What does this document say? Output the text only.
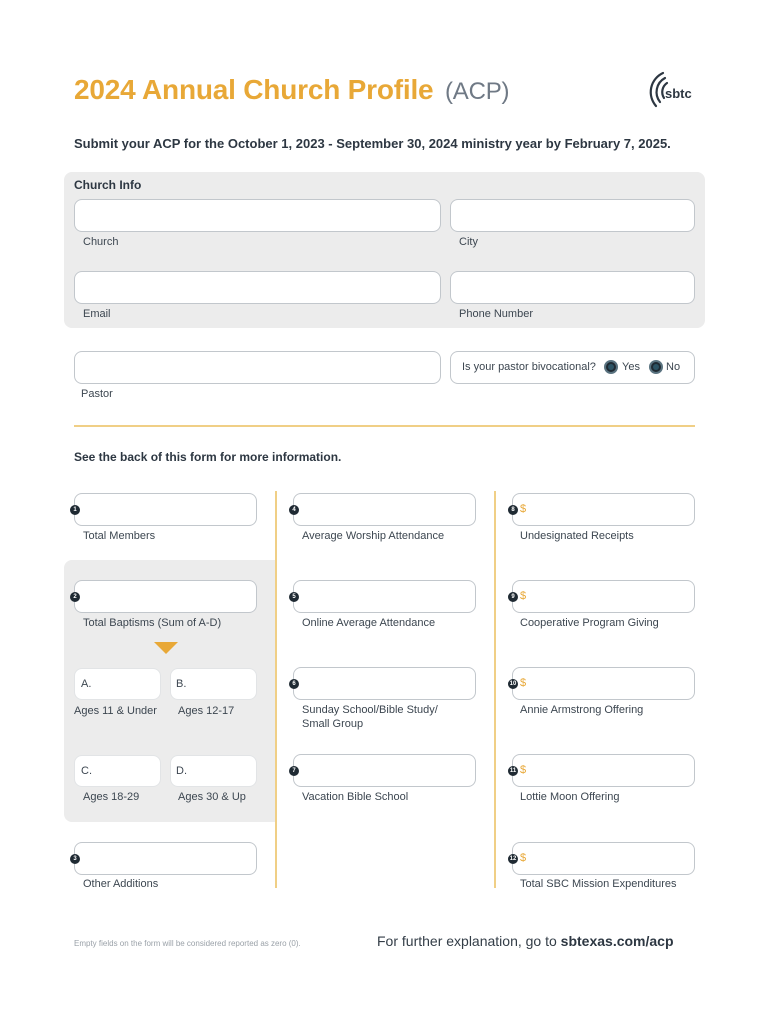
2024 Annual Church Profile (ACP)	sbtc
Submit your ACP for the October 1, 2023 - September 30, 2024 ministry year by February 7, 2025.
Church Info
Church	City
Email	Phone Number
Pastor
Is your pastor bivocational? Yes No
See the back of this form for more information.
1
Total Members
2
Total Baptisms (Sum of A-D)
A.
Ages 11 & Under
B.
Ages 12-17
C.
Ages 18-29
D.
Ages 30 & Up
3
Other Additions
4
Average Worship Attendance
5
Online Average Attendance
6
Sunday School/Bible Study/
Small Group
7
Vacation Bible School
8 $
Undesignated Receipts
9 $
Cooperative Program Giving
10 $
Annie Armstrong Offering
11 $
Lottie Moon Offering
12 $
Total SBC Mission Expenditures
Empty fields on the form will be considered reported as zero (0).	For further explanation, go to sbtexas.com/acp
